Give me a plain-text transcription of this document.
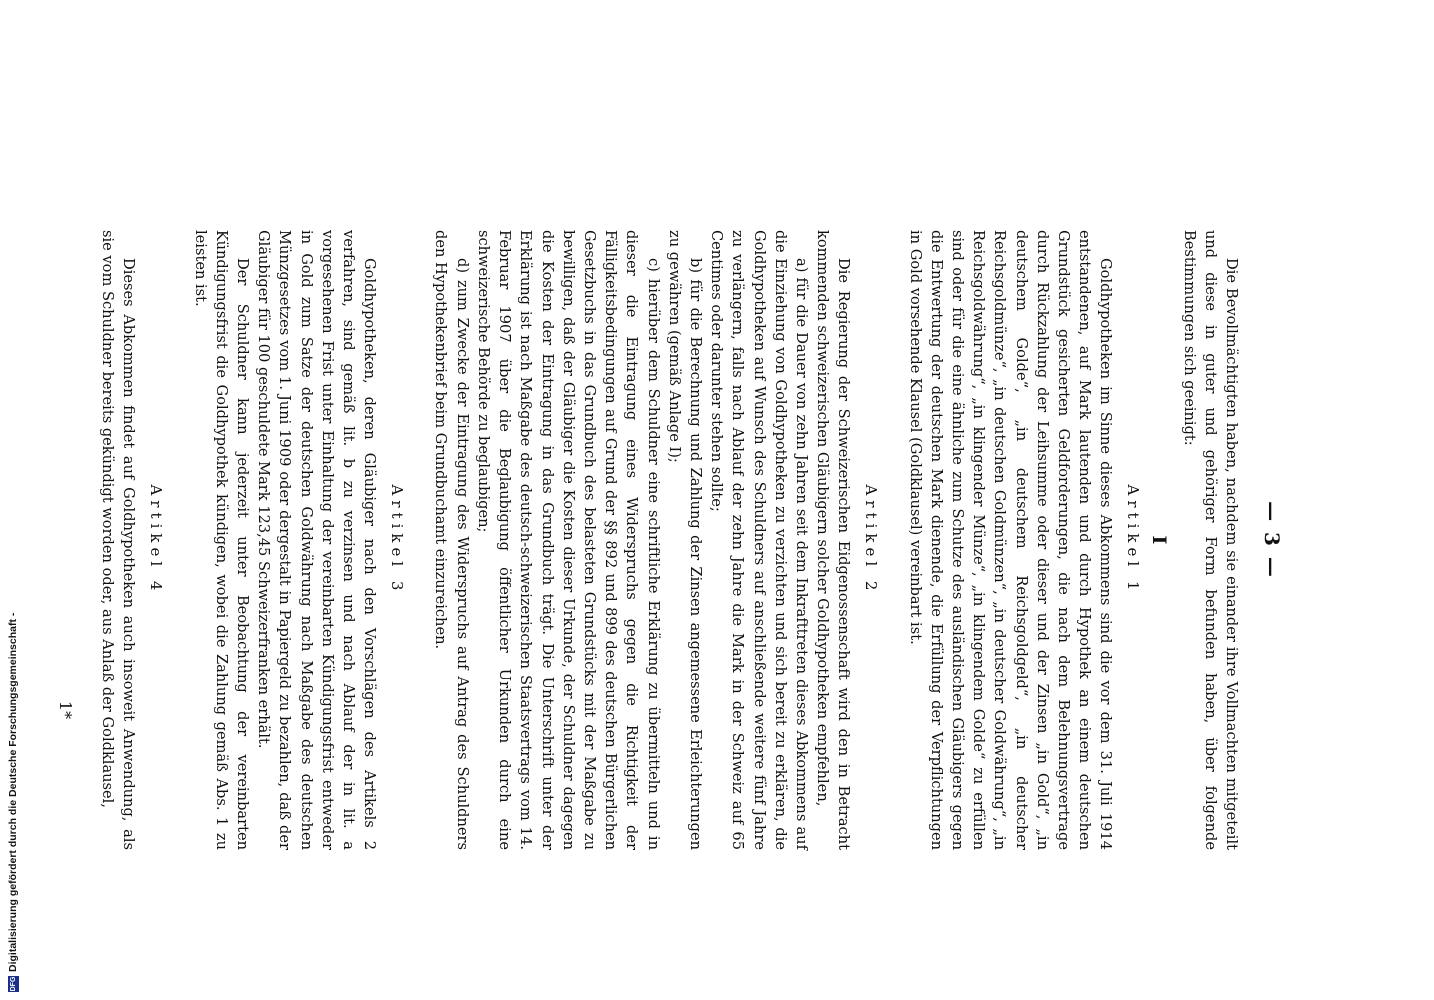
— 3 —

Die Bevollmächtigten haben, nachdem sie einander ihre Vollmachten mitgeteilt und diese in guter und gehöriger Form befunden haben, über folgende Bestimmungen sich geeinigt:

I
Artikel 1

Goldhypotheken im Sinne dieses Abkommens sind die vor dem 31. Juli 1914 entstandenen, auf Mark lautenden und durch Hypothek an einem deutschen Grundstück gesicherten Geldforderungen, die nach dem Belehnungsvertrage durch Rückzahlung der Leihsumme oder dieser und der Zinsen „in Gold“, „in deutschem Golde“, „in deutschem Reichsgoldgeld“, „in deutscher Reichsgoldmünze“, „in deutschen Goldmünzen“, „in deutscher Goldwährung“, „in Reichsgoldwährung“, „in klingender Münze“, „in klingendem Golde“ zu erfüllen sind oder für die eine ähnliche zum Schutze des ausländischen Gläubigers gegen die Entwertung der deutschen Mark dienende, die Erfüllung der Verpflichtungen in Gold vorsehende Klausel (Goldklausel) vereinbart ist.

Artikel 2

Die Regierung der Schweizerischen Eidgenossenschaft wird den in Betracht kommenden schweizerischen Gläubigern solcher Goldhypotheken empfehlen,

a) für die Dauer von zehn Jahren seit dem Inkrafttreten dieses Abkommens auf die Einziehung von Goldhypotheken zu verzichten und sich bereit zu erklären, die Goldhypotheken auf Wunsch des Schuldners auf anschließende weitere fünf Jahre zu verlängern, falls nach Ablauf der zehn Jahre die Mark in der Schweiz auf 65 Centimes oder darunter stehen sollte;

b) für die Berechnung und Zahlung der Zinsen angemessene Erleichterungen zu gewähren (gemäß Anlage I);

c) hierüber dem Schuldner eine schriftliche Erklärung zu übermitteln und in dieser die Eintragung eines Widerspruchs gegen die Richtigkeit der Fälligkeitsbedingungen auf Grund der §§ 892 und 899 des deutschen Bürgerlichen Gesetzbuchs in das Grundbuch des belasteten Grundstücks mit der Maßgabe zu bewilligen, daß der Gläubiger die Kosten dieser Urkunde, der Schuldner dagegen die Kosten der Eintragung in das Grundbuch trägt. Die Unterschrift unter der Erklärung ist nach Maßgabe des deutsch-schweizerischen Staatsvertrags vom 14. Februar 1907 über die Beglaubigung öffentlicher Urkunden durch eine schweizerische Behörde zu beglaubigen;

d) zum Zwecke der Eintragung des Widerspruchs auf Antrag des Schuldners den Hypothekenbrief beim Grundbuchamt einzureichen.

Artikel 3

Goldhypotheken, deren Gläubiger nach den Vorschlägen des Artikels 2 verfahren, sind gemäß lit. b zu verzinsen und nach Ablauf der in lit. a vorgesehenen Frist unter Einhaltung der vereinbarten Kündigungsfrist entweder in Gold zum Satze der deutschen Goldwährung nach Maßgabe des deutschen Münzgesetzes vom 1. Juni 1909 oder dergestalt in Papiergeld zu bezahlen, daß der Gläubiger für 100 geschuldete Mark 123,45 Schweizerfranken erhält.

Der Schuldner kann jederzeit unter Beobachtung der vereinbarten Kündigungsfrist die Goldhypothek kündigen, wobei die Zahlung gemäß Abs. 1 zu leisten ist.

Artikel 4

Dieses Abkommen findet auf Goldhypotheken auch insoweit Anwendung, als sie vom Schuldner bereits gekündigt worden oder, aus Anlaß der Goldklausel,

1*
DFG
Digitalisierung gefördert durch die Deutsche Forschungsgemeinschaft -
